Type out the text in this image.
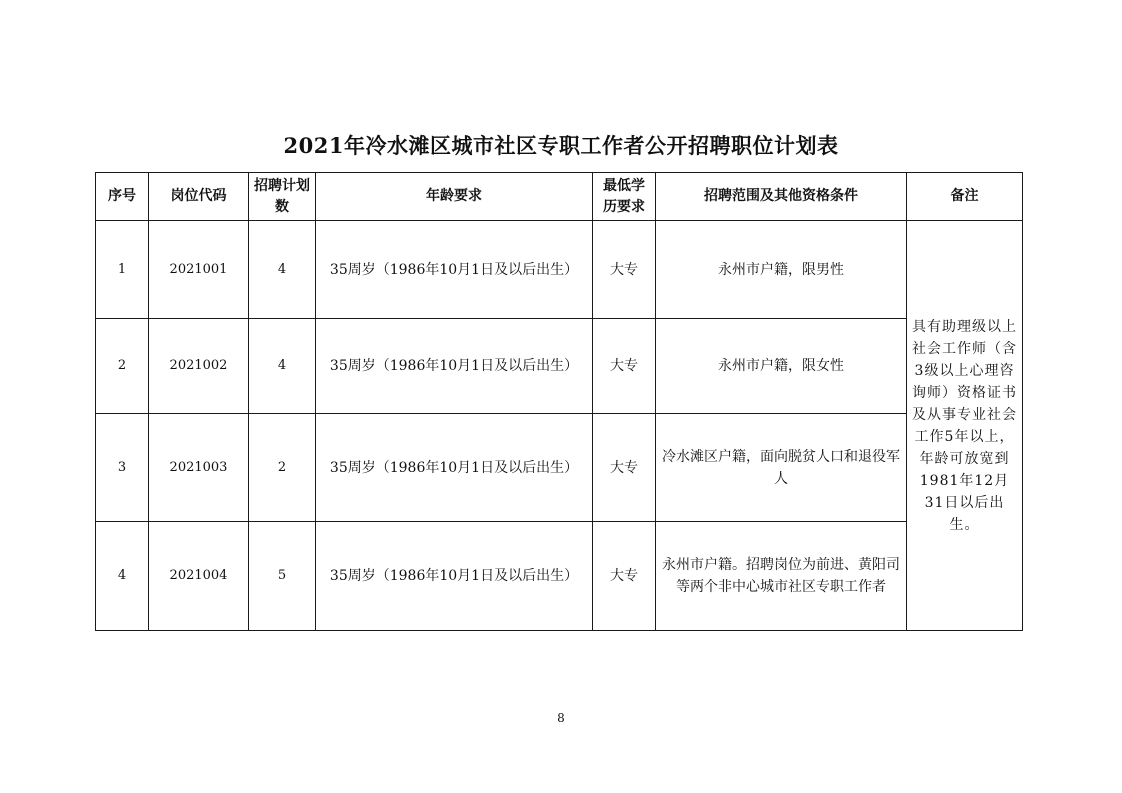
2021年冷水滩区城市社区专职工作者公开招聘职位计划表
序号	岗位代码	招聘计划数	年龄要求	最低学历要求	招聘范围及其他资格条件	备注
1	2021001	4	35周岁（1986年10月1日及以后出生）	大专	永州市户籍，限男性	具有助理级以上社会工作师（含3级以上心理咨询师）资格证书及从事专业社会工作5年以上，年龄可放宽到1981年12月31日以后出生。

2	2021002	4	35周岁（1986年10月1日及以后出生）	大专	永州市户籍，限女性	
3	2021003	2	35周岁（1986年10月1日及以后出生）	大专	冷水滩区户籍，面向脱贫人口和退役军人	
4	2021004	5	35周岁（1986年10月1日及以后出生）	大专	永州市户籍。招聘岗位为前进、黄阳司等两个非中心城市社区专职工作者	
8
